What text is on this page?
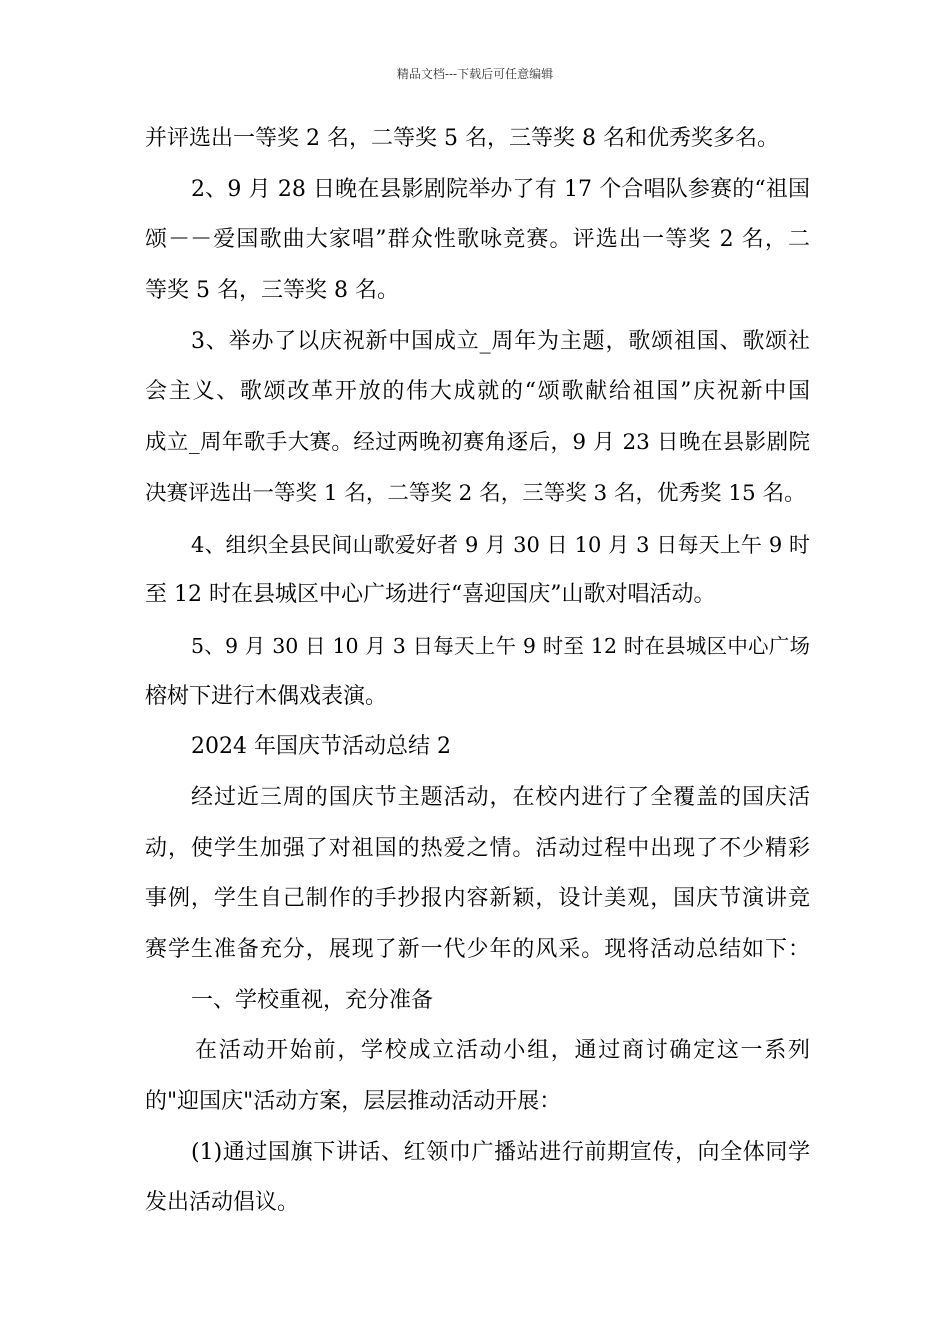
精品文档---下载后可任意编辑
并评选出一等奖 2 名，二等奖 5 名，三等奖 8 名和优秀奖多名。
2、9 月 28 日晚在县影剧院举办了有 17 个合唱队参赛的“祖国
颂－－爱国歌曲大家唱”群众性歌咏竞赛。评选出一等奖 2 名，二
等奖 5 名，三等奖 8 名。
3、举办了以庆祝新中国成立_周年为主题，歌颂祖国、歌颂社
会主义、歌颂改革开放的伟大成就的“颂歌献给祖国”庆祝新中国
成立_周年歌手大赛。经过两晚初赛角逐后，9 月 23 日晚在县影剧院
决赛评选出一等奖 1 名，二等奖 2 名，三等奖 3 名，优秀奖 15 名。
4、组织全县民间山歌爱好者 9 月 30 日 10 月 3 日每天上午 9 时
至 12 时在县城区中心广场进行“喜迎国庆”山歌对唱活动。
5、9 月 30 日 10 月 3 日每天上午 9 时至 12 时在县城区中心广场
榕树下进行木偶戏表演。
2024 年国庆节活动总结 2
经过近三周的国庆节主题活动，在校内进行了全覆盖的国庆活
动，使学生加强了对祖国的热爱之情。活动过程中出现了不少精彩
事例，学生自己制作的手抄报内容新颖，设计美观，国庆节演讲竞
赛学生准备充分，展现了新一代少年的风采。现将活动总结如下：
一、学校重视，充分准备
在活动开始前，学校成立活动小组，通过商讨确定这一系列
的"迎国庆"活动方案，层层推动活动开展：
(1)通过国旗下讲话、红领巾广播站进行前期宣传，向全体同学
发出活动倡议。
